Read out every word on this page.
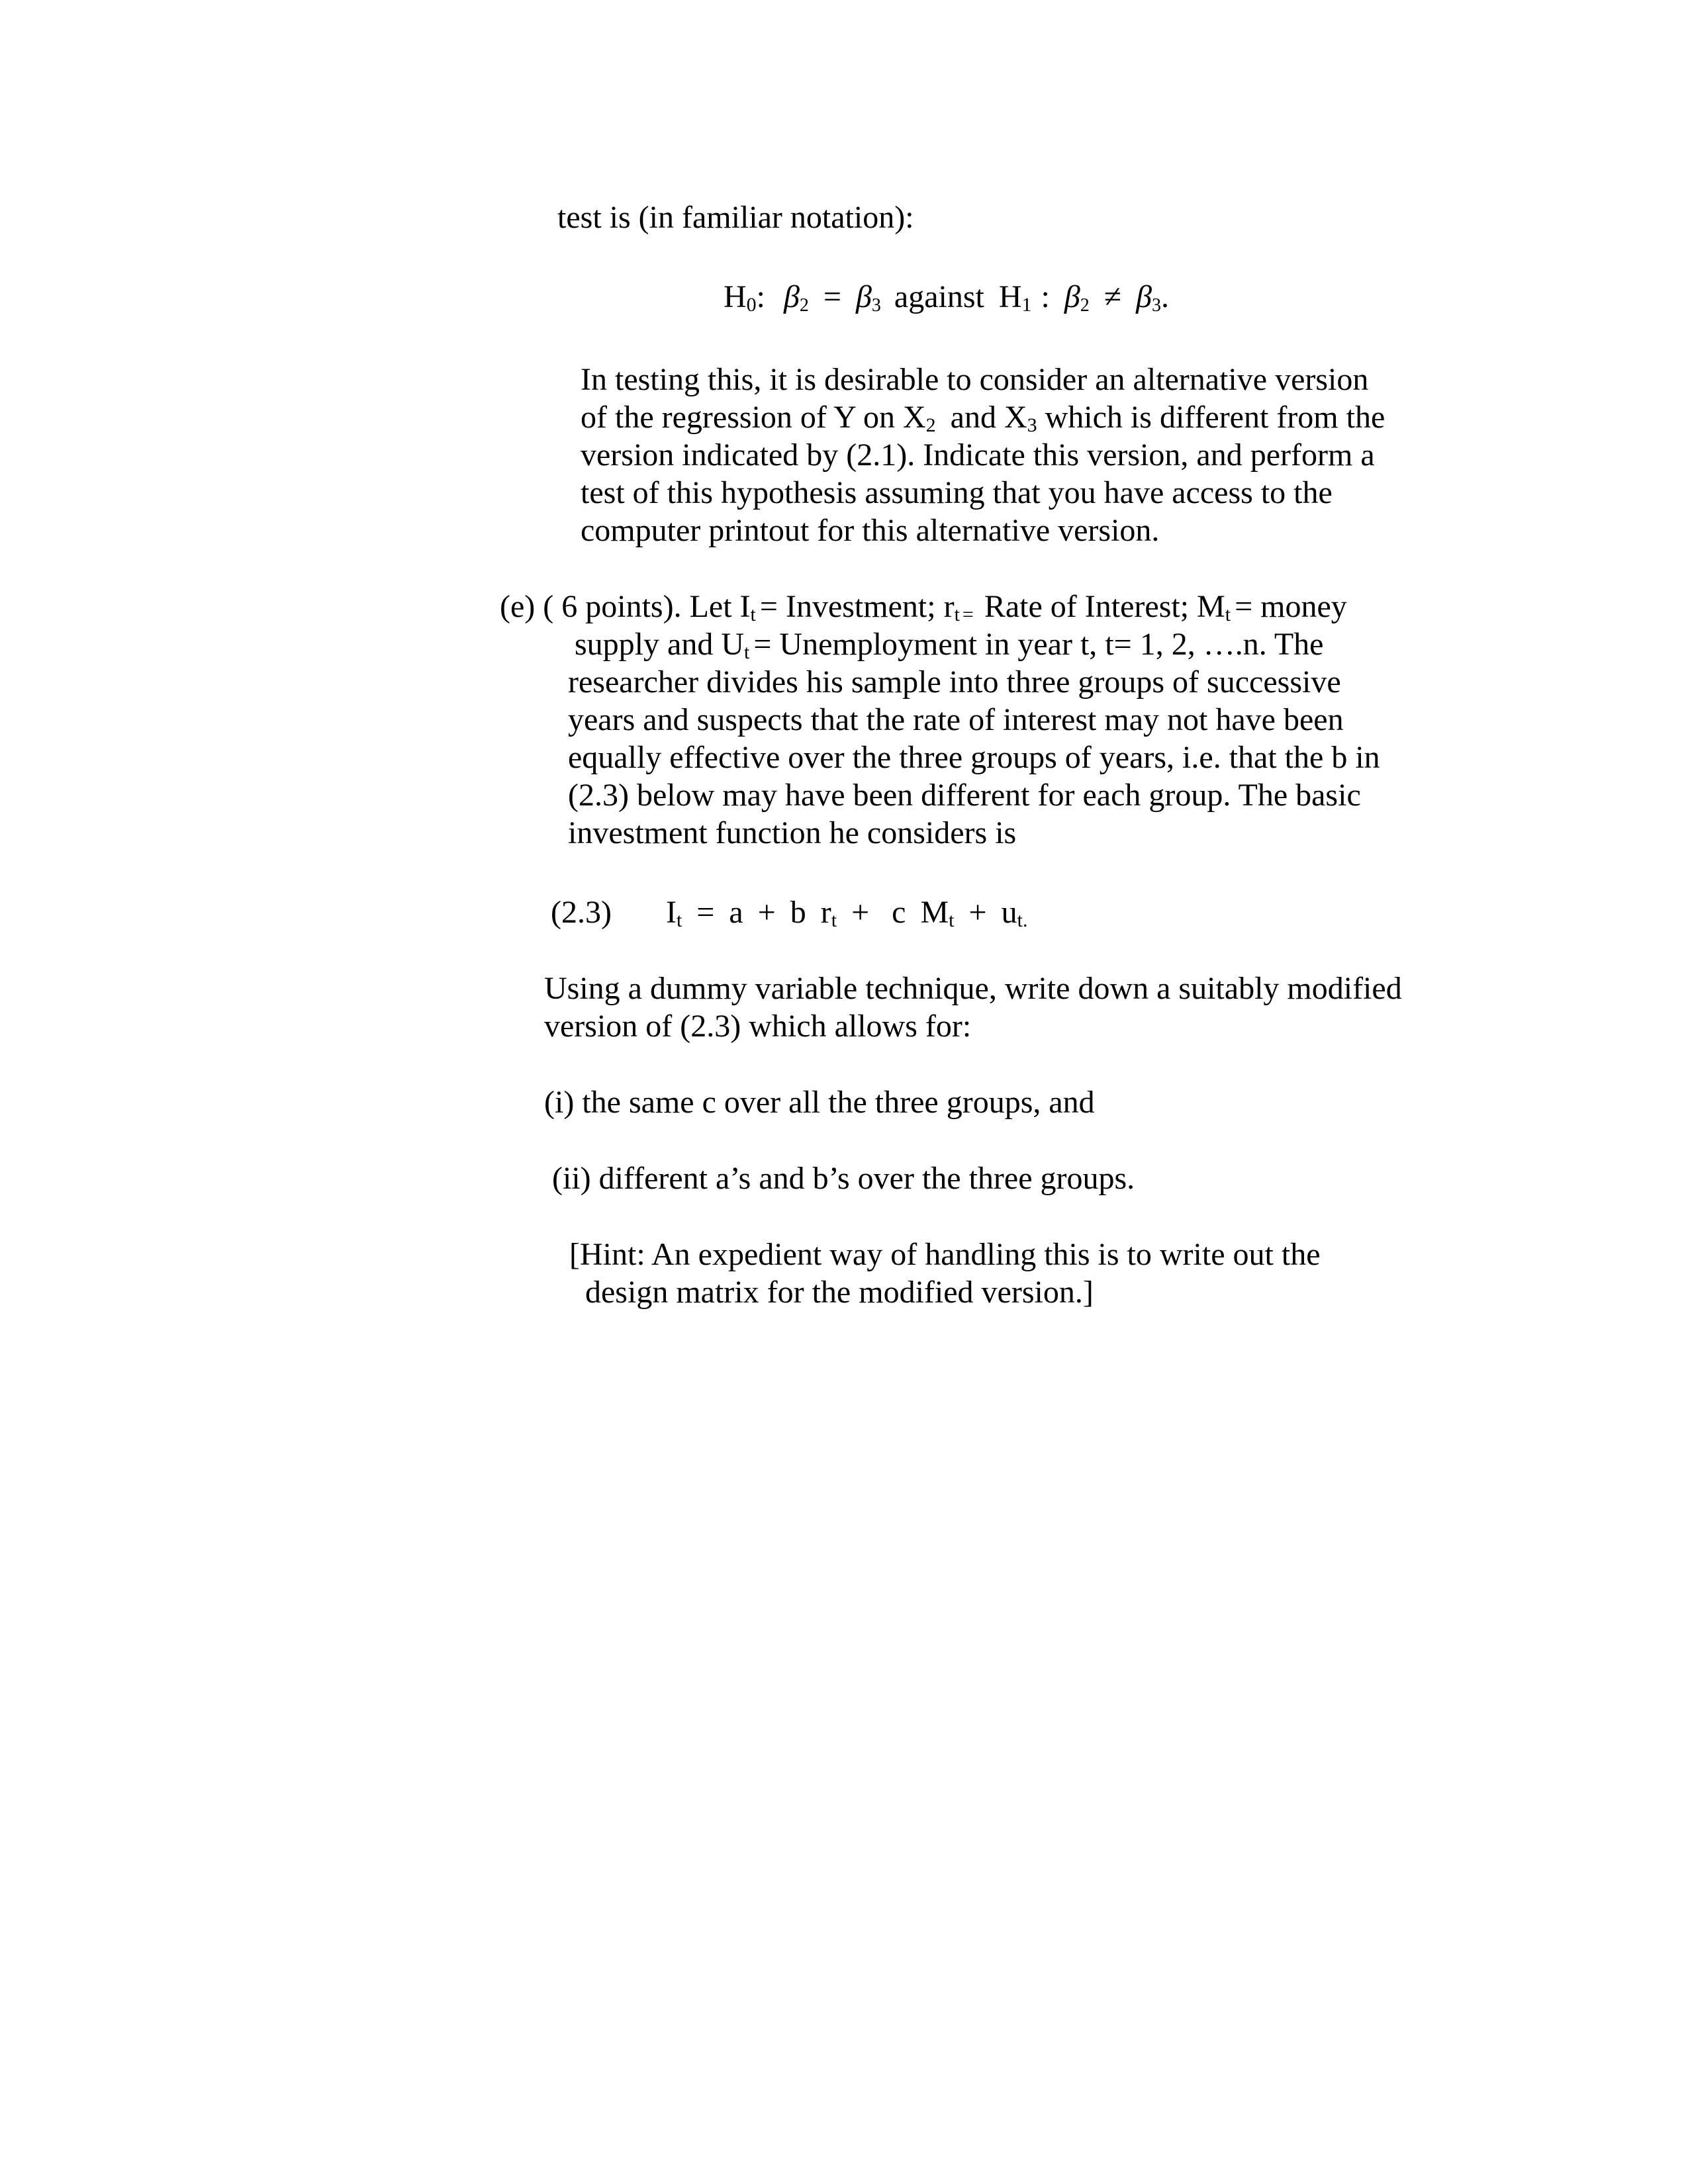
test is (in familiar notation):
$H_0$: β2 = β3 against $H_1$ : β2 ≠ β3.
In testing this, it is desirable to consider an alternative version
of the regression of Y on $X_2$ and $X_3$ which is different from the
version indicated by (2.1). Indicate this version, and perform a
test of this hypothesis assuming that you have access to the
computer printout for this alternative version.
(e) ( 6 points). Let $I_t$ = Investment; $r_t$ $_=$ Rate of Interest; $M_t$ = money
supply and $U_t$ = Unemployment in year t, t= 1, 2, ….n. The
researcher divides his sample into three groups of successive
years and suspects that the rate of interest may not have been
equally effective over the three groups of years, i.e. that the b in
(2.3) below may have been different for each group. The basic
investment function he considers is
(2.3) $I_t = a + b$ $r_t + c$ $M_t + u_{t.}$
Using a dummy variable technique, write down a suitably modified
version of (2.3) which allows for:
(i) the same c over all the three groups, and
(ii) different a’s and b’s over the three groups.
[Hint: An expedient way of handling this is to write out the
design matrix for the modified version.]
